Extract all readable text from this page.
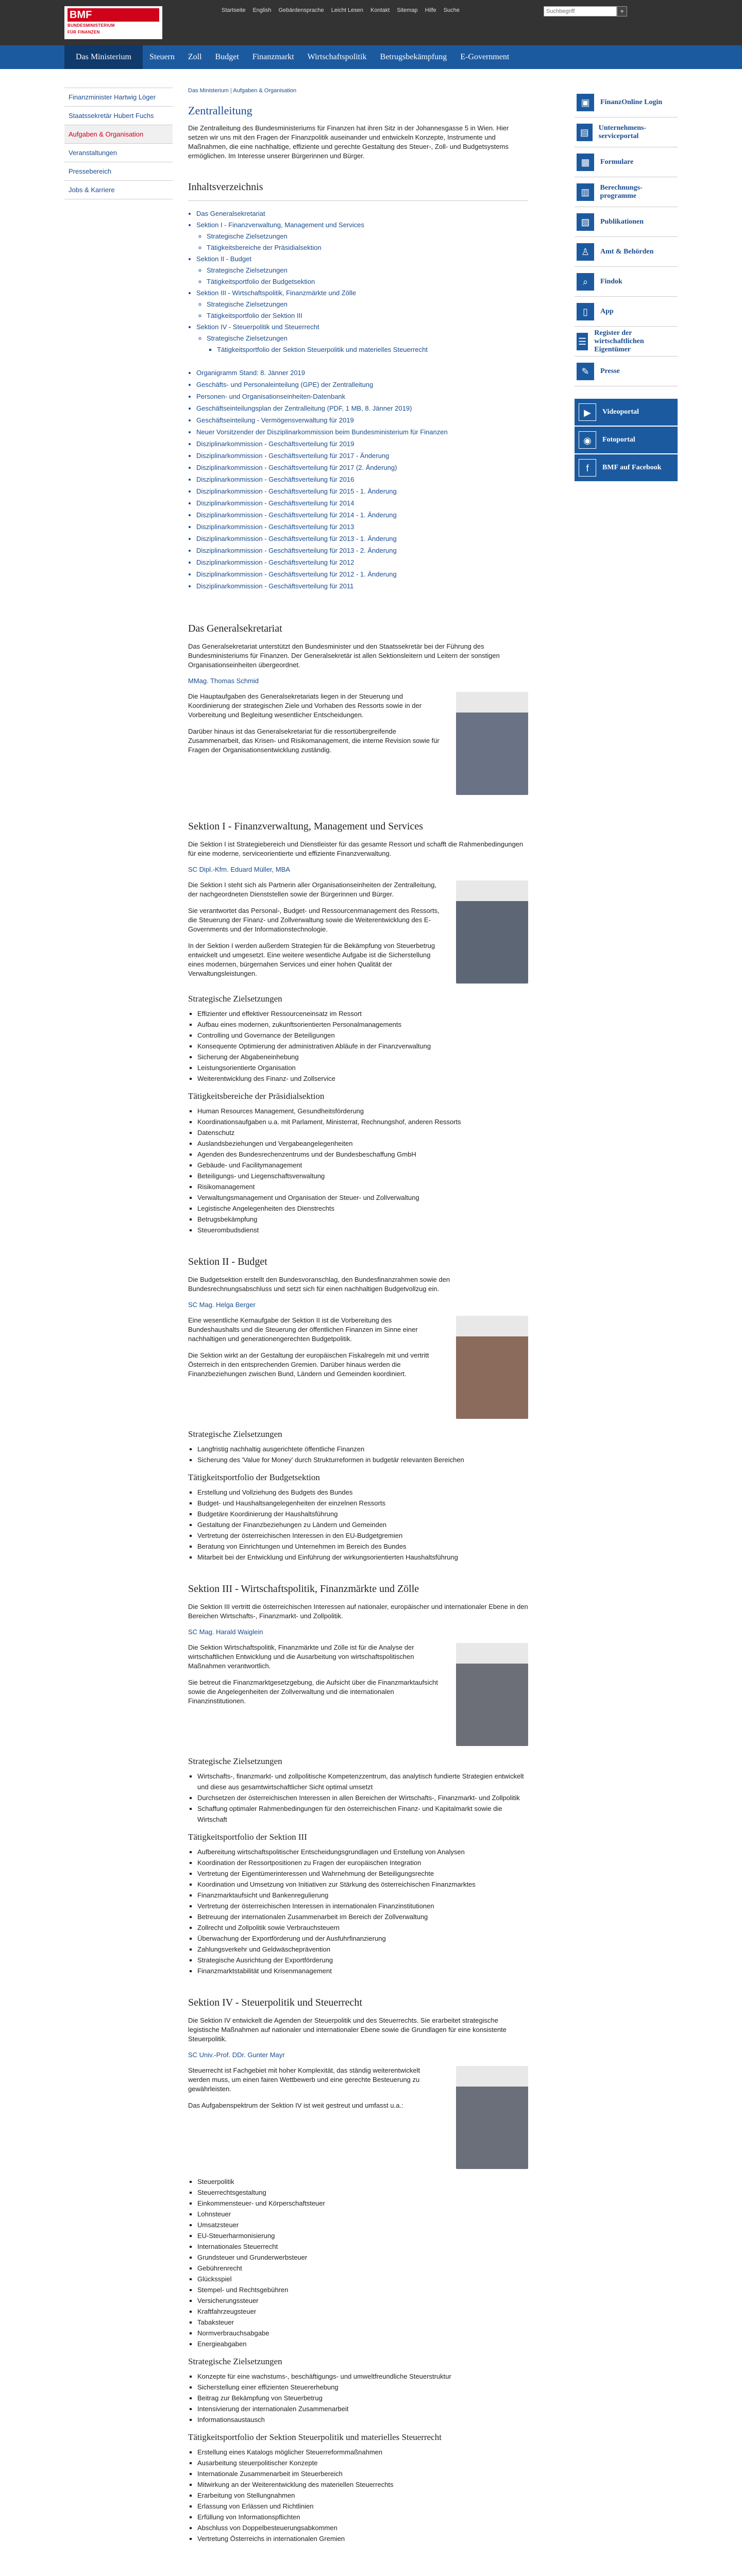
BMF
BUNDESMINISTERIUM
FÜR FINANZEN
Startseite English Gebärdensprache Leicht Lesen Kontakt Sitemap Hilfe Suche
Suchbegriff	»
Das Ministerium	Steuern	Zoll	Budget	Finanzmarkt	Wirtschaftspolitik	Betrugsbekämpfung	E-Government
Finanzminister Hartwig Löger
Staatssekretär Hubert Fuchs
Aufgaben & Organisation
Veranstaltungen
Pressebereich
Jobs & Karriere
Das Ministerium | Aufgaben & Organisation
Zentralleitung

Die Zentralleitung des Bundesministeriums für Finanzen hat ihren Sitz in der Johannesgasse 5 in Wien. Hier setzen wir uns mit den Fragen der Finanzpolitik auseinander und entwickeln Konzepte, Instrumente und Maßnahmen, die eine nachhaltige, effiziente und gerechte Gestaltung des Steuer-, Zoll- und Budgetsystems ermöglichen. Im Interesse unserer Bürgerinnen und Bürger.

Inhaltsverzeichnis
• Das Generalsekretariat
• Sektion I - Finanzverwaltung, Management und Services
◦ Strategische Zielsetzungen
◦ Tätigkeitsbereiche der Präsidialsektion
• Sektion II - Budget
◦ Strategische Zielsetzungen
◦ Tätigkeitsportfolio der Budgetsektion
• Sektion III - Wirtschaftspolitik, Finanzmärkte und Zölle
◦ Strategische Zielsetzungen
◦ Tätigkeitsportfolio der Sektion III
• Sektion IV - Steuerpolitik und Steuerrecht
◦ Strategische Zielsetzungen
▪ Tätigkeitsportfolio der Sektion Steuerpolitik und materielles Steuerrecht
• Organigramm Stand: 8. Jänner 2019
• Geschäfts- und Personaleinteilung (GPE) der Zentralleitung
• Personen- und Organisationseinheiten-Datenbank
• Geschäftseinteilungsplan der Zentralleitung (PDF, 1 MB, 8. Jänner 2019)
• Geschäftseinteilung - Vermögensverwaltung für 2019
• Neuer Vorsitzender der Disziplinarkommission beim Bundesministerium für Finanzen
• Disziplinarkommission - Geschäftsverteilung für 2019
• Disziplinarkommission - Geschäftsverteilung für 2017 - Änderung
• Disziplinarkommission - Geschäftsverteilung für 2017 (2. Änderung)
• Disziplinarkommission - Geschäftsverteilung für 2016
• Disziplinarkommission - Geschäftsverteilung für 2015 - 1. Änderung
• Disziplinarkommission - Geschäftsverteilung für 2014
• Disziplinarkommission - Geschäftsverteilung für 2014 - 1. Änderung
• Disziplinarkommission - Geschäftsverteilung für 2013
• Disziplinarkommission - Geschäftsverteilung für 2013 - 1. Änderung
• Disziplinarkommission - Geschäftsverteilung für 2013 - 2. Änderung
• Disziplinarkommission - Geschäftsverteilung für 2012
• Disziplinarkommission - Geschäftsverteilung für 2012 - 1. Änderung
• Disziplinarkommission - Geschäftsverteilung für 2011
Das Generalsekretariat

Das Generalsekretariat unterstützt den Bundesminister und den Staatssekretär bei der Führung des Bundesministeriums für Finanzen. Der Generalsekretär ist allen Sektionsleitern und Leitern der sonstigen Organisationseinheiten übergeordnet.

MMag. Thomas Schmid

Die Hauptaufgaben des Generalsekretariats liegen in der Steuerung und Koordinierung der strategischen Ziele und Vorhaben des Ressorts sowie in der Vorbereitung und Begleitung wesentlicher Entscheidungen.

Darüber hinaus ist das Generalsekretariat für die ressortübergreifende Zusammenarbeit, das Krisen- und Risikomanagement, die interne Revision sowie für Fragen der Organisationsentwicklung zuständig.

Sektion I - Finanzverwaltung, Management und Services

Die Sektion I ist Strategiebereich und Dienstleister für das gesamte Ressort und schafft die Rahmenbedingungen für eine moderne, serviceorientierte und effiziente Finanzverwaltung.

SC Dipl.-Kfm. Eduard Müller, MBA

Die Sektion I steht sich als Partnerin aller Organisationseinheiten der Zentralleitung, der nachgeordneten Dienststellen sowie der Bürgerinnen und Bürger.

Sie verantwortet das Personal-, Budget- und Ressourcenmanagement des Ressorts, die Steuerung der Finanz- und Zollverwaltung sowie die Weiterentwicklung des E-Governments und der Informationstechnologie.

In der Sektion I werden außerdem Strategien für die Bekämpfung von Steuerbetrug entwickelt und umgesetzt. Eine weitere wesentliche Aufgabe ist die Sicherstellung eines modernen, bürgernahen Services und einer hohen Qualität der Verwaltungsleistungen.

Strategische Zielsetzungen
▪ Effizienter und effektiver Ressourceneinsatz im Ressort
▪ Aufbau eines modernen, zukunftsorientierten Personalmanagements
▪ Controlling und Governance der Beteiligungen
▪ Konsequente Optimierung der administrativen Abläufe in der Finanzverwaltung
▪ Sicherung der Abgabeneinhebung
▪ Leistungsorientierte Organisation
▪ Weiterentwicklung des Finanz- und Zollservice
Tätigkeitsbereiche der Präsidialsektion
▪ Human Resources Management, Gesundheitsförderung
▪ Koordinationsaufgaben u.a. mit Parlament, Ministerrat, Rechnungshof, anderen Ressorts
▪ Datenschutz
▪ Auslandsbeziehungen und Vergabeangelegenheiten
▪ Agenden des Bundesrechenzentrums und der Bundesbeschaffung GmbH
▪ Gebäude- und Facilitymanagement
▪ Beteiligungs- und Liegenschaftsverwaltung
▪ Risikomanagement
▪ Verwaltungsmanagement und Organisation der Steuer- und Zollverwaltung
▪ Legistische Angelegenheiten des Dienstrechts
▪ Betrugsbekämpfung
▪ Steuerombudsdienst
Sektion II - Budget

Die Budgetsektion erstellt den Bundesvoranschlag, den Bundesfinanzrahmen sowie den Bundesrechnungsabschluss und setzt sich für einen nachhaltigen Budgetvollzug ein.

SC Mag. Helga Berger

Eine wesentliche Kernaufgabe der Sektion II ist die Vorbereitung des Bundeshaushalts und die Steuerung der öffentlichen Finanzen im Sinne einer nachhaltigen und generationengerechten Budgetpolitik.

Die Sektion wirkt an der Gestaltung der europäischen Fiskalregeln mit und vertritt Österreich in den entsprechenden Gremien. Darüber hinaus werden die Finanzbeziehungen zwischen Bund, Ländern und Gemeinden koordiniert.

Strategische Zielsetzungen
▪ Langfristig nachhaltig ausgerichtete öffentliche Finanzen
▪ Sicherung des 'Value for Money' durch Strukturreformen in budgetär relevanten Bereichen
Tätigkeitsportfolio der Budgetsektion
▪ Erstellung und Vollziehung des Budgets des Bundes
▪ Budget- und Haushaltsangelegenheiten der einzelnen Ressorts
▪ Budgetäre Koordinierung der Haushaltsführung
▪ Gestaltung der Finanzbeziehungen zu Ländern und Gemeinden
▪ Vertretung der österreichischen Interessen in den EU-Budgetgremien
▪ Beratung von Einrichtungen und Unternehmen im Bereich des Bundes
▪ Mitarbeit bei der Entwicklung und Einführung der wirkungsorientierten Haushaltsführung
Sektion III - Wirtschaftspolitik, Finanzmärkte und Zölle

Die Sektion III vertritt die österreichischen Interessen auf nationaler, europäischer und internationaler Ebene in den Bereichen Wirtschafts-, Finanzmarkt- und Zollpolitik.

SC Mag. Harald Waiglein

Die Sektion Wirtschaftspolitik, Finanzmärkte und Zölle ist für die Analyse der wirtschaftlichen Entwicklung und die Ausarbeitung von wirtschaftspolitischen Maßnahmen verantwortlich.

Sie betreut die Finanzmarktgesetzgebung, die Aufsicht über die Finanzmarktaufsicht sowie die Angelegenheiten der Zollverwaltung und die internationalen Finanzinstitutionen.

Strategische Zielsetzungen
▪ Wirtschafts-, finanzmarkt- und zollpolitische Kompetenzzentrum, das analytisch fundierte Strategien entwickelt und diese aus gesamtwirtschaftlicher Sicht optimal umsetzt
▪ Durchsetzen der österreichischen Interessen in allen Bereichen der Wirtschafts-, Finanzmarkt- und Zollpolitik
▪ Schaffung optimaler Rahmenbedingungen für den österreichischen Finanz- und Kapitalmarkt sowie die Wirtschaft
Tätigkeitsportfolio der Sektion III
▪ Aufbereitung wirtschaftspolitischer Entscheidungsgrundlagen und Erstellung von Analysen
▪ Koordination der Ressortpositionen zu Fragen der europäischen Integration
▪ Vertretung der Eigentümerinteressen und Wahrnehmung der Beteiligungsrechte
▪ Koordination und Umsetzung von Initiativen zur Stärkung des österreichischen Finanzmarktes
▪ Finanzmarktaufsicht und Bankenregulierung
▪ Vertretung der österreichischen Interessen in internationalen Finanzinstitutionen
▪ Betreuung der internationalen Zusammenarbeit im Bereich der Zollverwaltung
▪ Zollrecht und Zollpolitik sowie Verbrauchsteuern
▪ Überwachung der Exportförderung und der Ausfuhrfinanzierung
▪ Zahlungsverkehr und Geldwäscheprävention
▪ Strategische Ausrichtung der Exportförderung
▪ Finanzmarktstabilität und Krisenmanagement
Sektion IV - Steuerpolitik und Steuerrecht

Die Sektion IV entwickelt die Agenden der Steuerpolitik und des Steuerrechts. Sie erarbeitet strategische legistische Maßnahmen auf nationaler und internationaler Ebene sowie die Grundlagen für eine konsistente Steuerpolitik.

SC Univ.-Prof. DDr. Gunter Mayr

Steuerrecht ist Fachgebiet mit hoher Komplexität, das ständig weiterentwickelt werden muss, um einen fairen Wettbewerb und eine gerechte Besteuerung zu gewährleisten.

Das Aufgabenspektrum der Sektion IV ist weit gestreut und umfasst u.a.:

▪ Steuerpolitik
▪ Steuerrechtsgestaltung
▪ Einkommensteuer- und Körperschaftsteuer
▪ Lohnsteuer
▪ Umsatzsteuer
▪ EU-Steuerharmonisierung
▪ Internationales Steuerrecht
▪ Grundsteuer und Grunderwerbsteuer
▪ Gebührenrecht
▪ Glücksspiel
▪ Stempel- und Rechtsgebühren
▪ Versicherungssteuer
▪ Kraftfahrzeugsteuer
▪ Tabaksteuer
▪ Normverbrauchsabgabe
▪ Energieabgaben
Strategische Zielsetzungen
▪ Konzepte für eine wachstums-, beschäftigungs- und umweltfreundliche Steuerstruktur
▪ Sicherstellung einer effizienten Steuererhebung
▪ Beitrag zur Bekämpfung von Steuerbetrug
▪ Intensivierung der internationalen Zusammenarbeit
▪ Informationsaustausch
Tätigkeitsportfolio der Sektion Steuerpolitik und materielles Steuerrecht
▪ Erstellung eines Katalogs möglicher Steuerreformmaßnahmen
▪ Ausarbeitung steuerpolitischer Konzepte
▪ Internationale Zusammenarbeit im Steuerbereich
▪ Mitwirkung an der Weiterentwicklung des materiellen Steuerrechts
▪ Erarbeitung von Stellungnahmen
▪ Erlassung von Erlässen und Richtlinien
▪ Erfüllung von Informationspflichten
▪ Abschluss von Doppelbesteuerungsabkommen
▪ Vertretung Österreichs in internationalen Gremien
▣	FinanzOnline Login
▤	Unternehmens-serviceportal
▦	Formulare
▥	Berechnungs-programme
▧	Publikationen
♙	Amt & Behörden
⌕	Findok
▯	App
☰
Register der wirtschaftlichen Eigentümer
✎	Presse
▶	Videoportal
◉	Fotoportal
f	BMF auf Facebook
